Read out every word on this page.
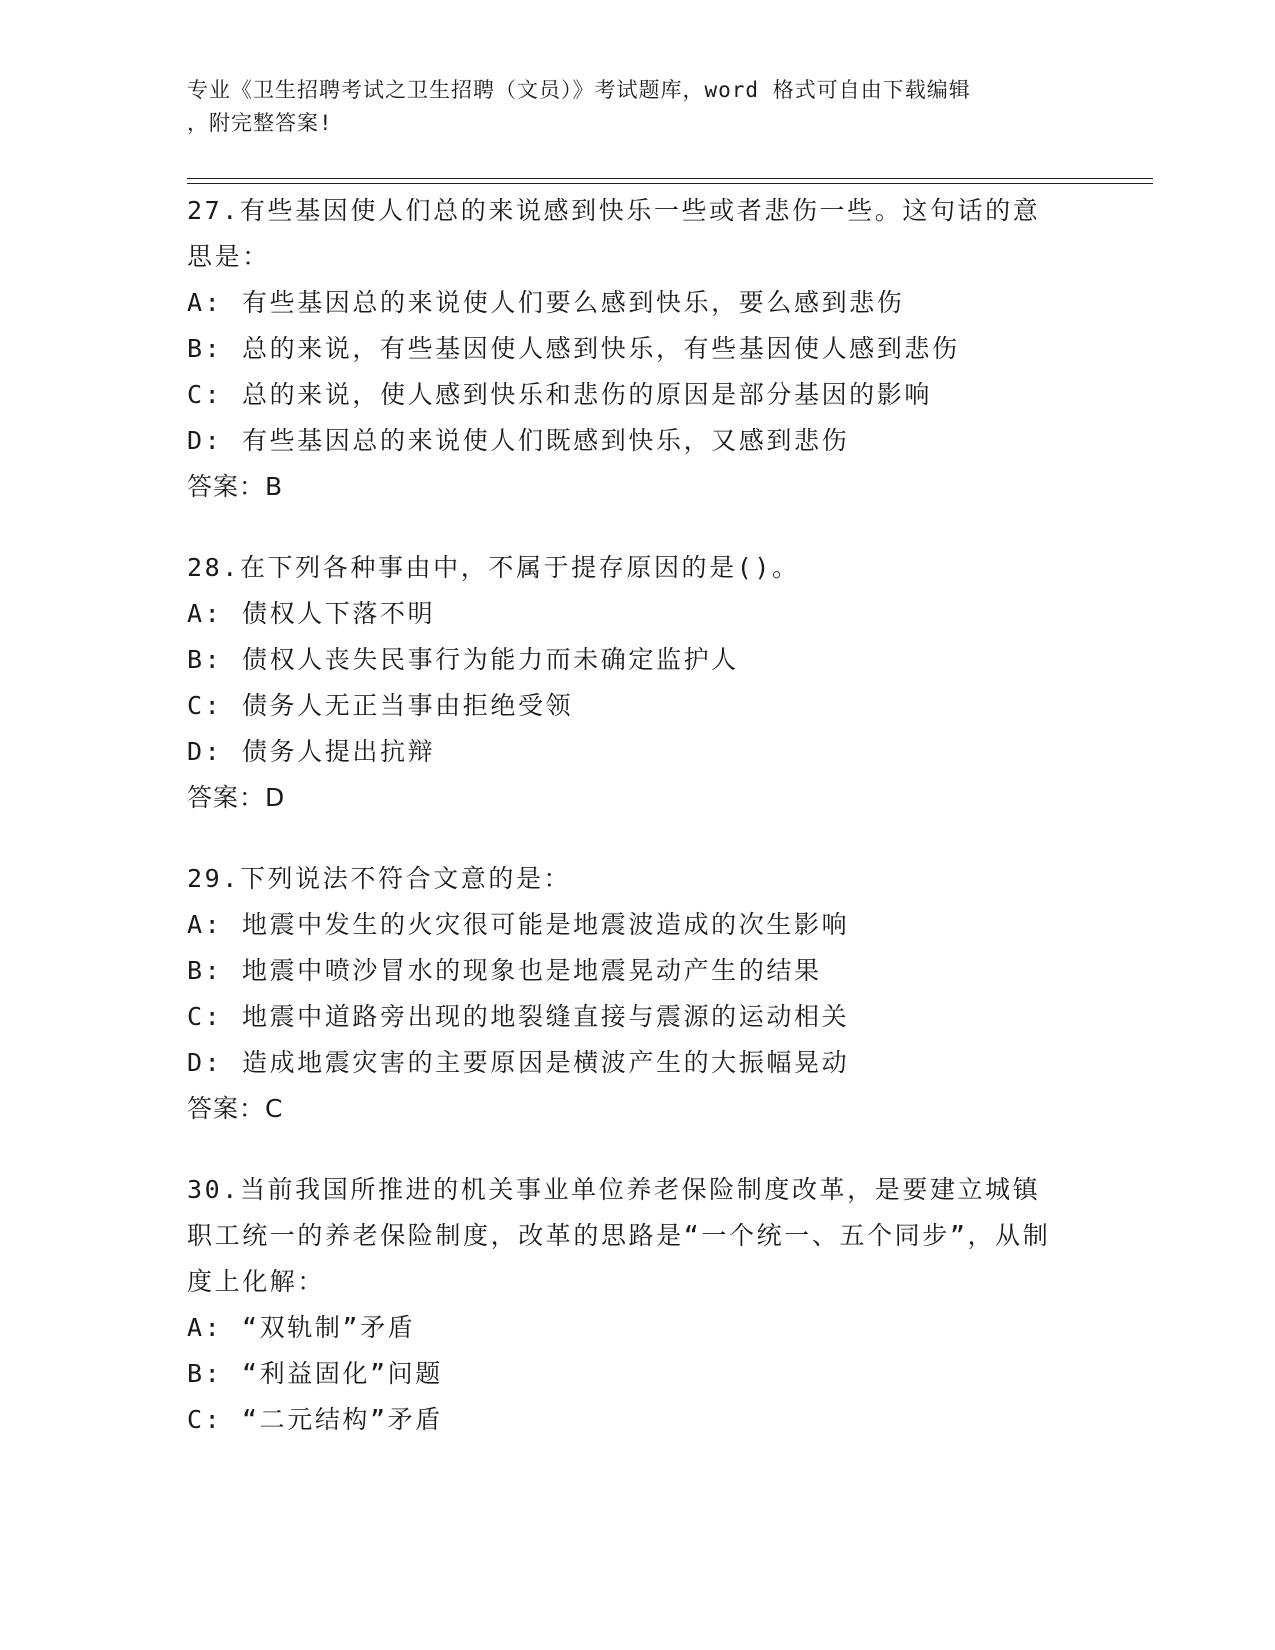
专业《卫生招聘考试之卫生招聘（文员）》考试题库，word 格式可自由下载编辑
，附完整答案!
27.有些基因使人们总的来说感到快乐一些或者悲伤一些。这句话的意思是：
A: 有些基因总的来说使人们要么感到快乐，要么感到悲伤
B: 总的来说，有些基因使人感到快乐，有些基因使人感到悲伤
C: 总的来说，使人感到快乐和悲伤的原因是部分基因的影响
D: 有些基因总的来说使人们既感到快乐，又感到悲伤
答案：B
28.在下列各种事由中，不属于提存原因的是()。
A: 债权人下落不明
B: 债权人丧失民事行为能力而未确定监护人
C: 债务人无正当事由拒绝受领
D: 债务人提出抗辩
答案：D
29.下列说法不符合文意的是：
A: 地震中发生的火灾很可能是地震波造成的次生影响
B: 地震中喷沙冒水的现象也是地震晃动产生的结果
C: 地震中道路旁出现的地裂缝直接与震源的运动相关
D: 造成地震灾害的主要原因是横波产生的大振幅晃动
答案：C
30.当前我国所推进的机关事业单位养老保险制度改革，是要建立城镇职工统一的养老保险制度，改革的思路是“一个统一、五个同步”，从制度上化解：
A: “双轨制”矛盾
B: “利益固化”问题
C: “二元结构”矛盾
